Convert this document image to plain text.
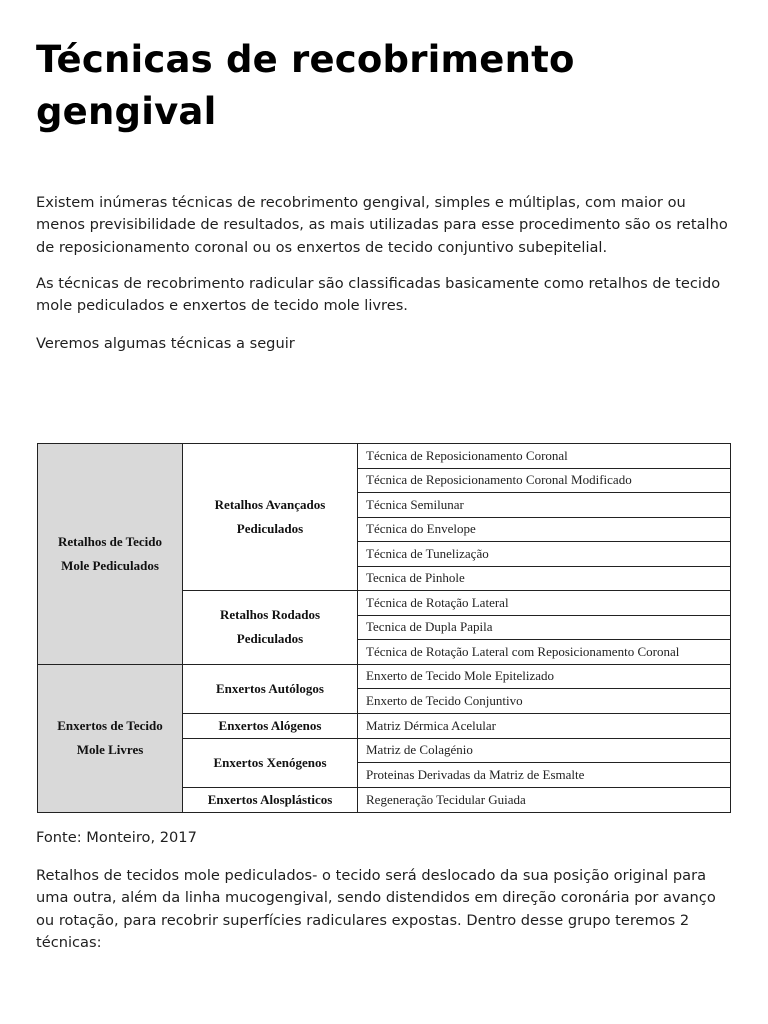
Técnicas de recobrimento gengival

Existem inúmeras técnicas de recobrimento gengival, simples e múltiplas, com maior ou menos previsibilidade de resultados, as mais utilizadas para esse procedimento são os retalho de reposicionamento coronal ou os enxertos de tecido conjuntivo subepitelial.

As técnicas de recobrimento radicular são classificadas basicamente como retalhos de tecido mole pediculados e enxertos de tecido mole livres.

Veremos algumas técnicas a seguir

Retalhos de Tecido Mole Pediculados	Retalhos Avançados Pediculados	Técnica de Reposicionamento Coronal
		Técnica de Reposicionamento Coronal Modificado
		Técnica Semilunar
		Técnica do Envelope
		Técnica de Tunelização
		Tecnica de Pinhole
	Retalhos Rodados Pediculados	Técnica de Rotação Lateral
		Tecnica de Dupla Papila
		Técnica de Rotação Lateral com Reposicionamento Coronal
Enxertos de Tecido Mole Livres	Enxertos Autólogos	Enxerto de Tecido Mole Epitelizado
		Enxerto de Tecido Conjuntivo
	Enxertos Alógenos	Matriz Dérmica Acelular
	Enxertos Xenógenos	Matriz de Colagénio
		Proteinas Derivadas da Matriz de Esmalte
	Enxertos Alosplásticos	Regeneração Tecidular Guiada

Fonte: Monteiro, 2017

Retalhos de tecidos mole pediculados- o tecido será deslocado da sua posição original para uma outra, além da linha mucogengival, sendo distendidos em direção coronária por avanço ou rotação, para recobrir superfícies radiculares expostas. Dentro desse grupo teremos 2 técnicas:
